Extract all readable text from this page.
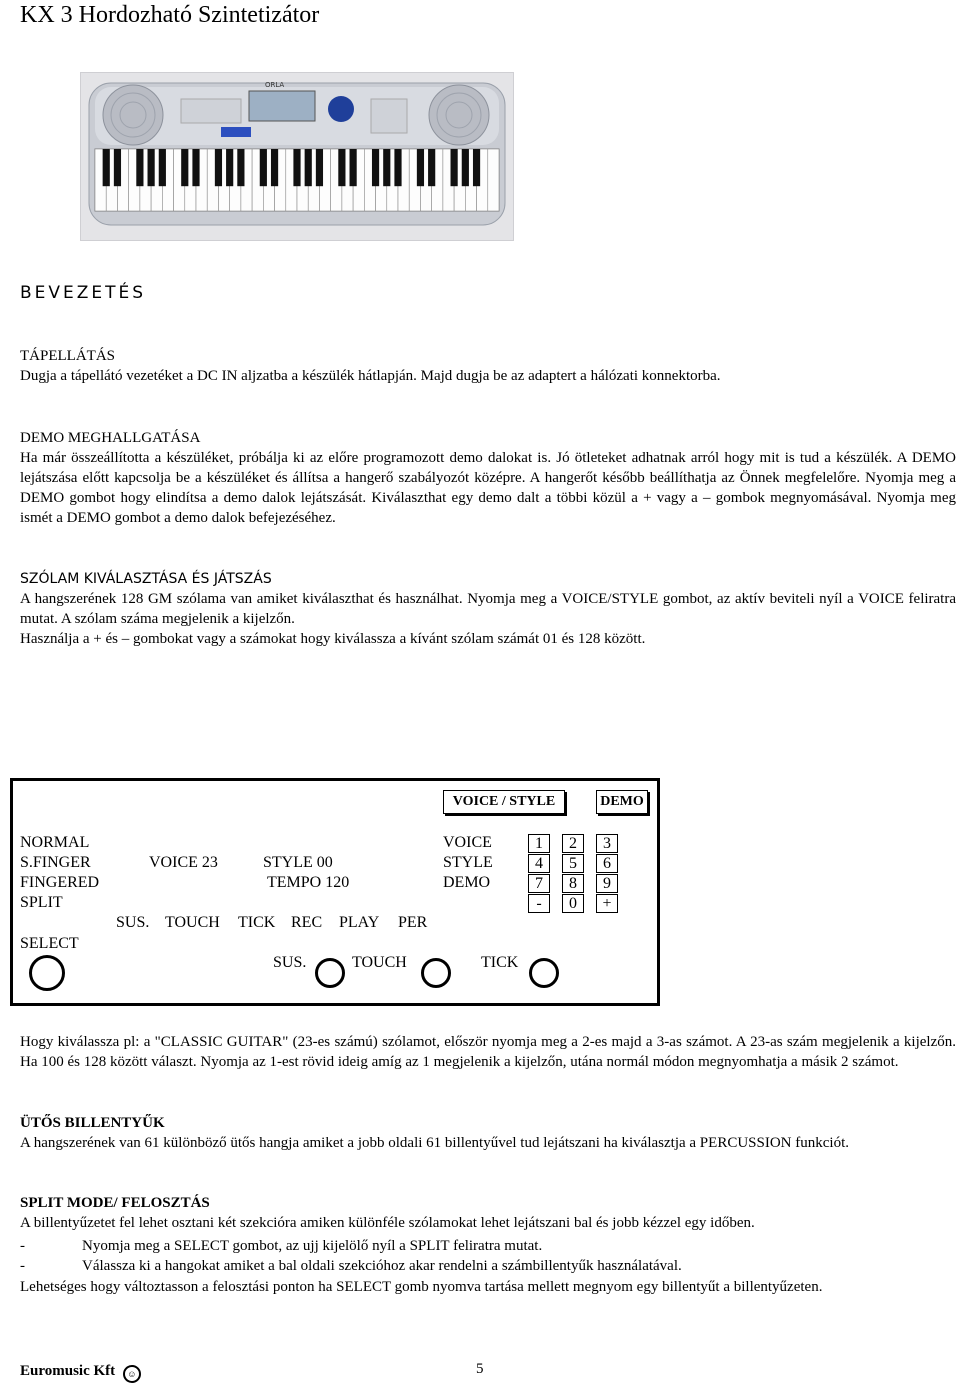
KX 3 Hordozható Szintetizátor
ORLA
BEVEZETÉS
TÁPELLÁTÁS

Dugja a tápellátó vezetéket a DC IN aljzatba a készülék hátlapján. Majd dugja be az adaptert a hálózati konnektorba.

DEMO MEGHALLGATÁSA

Ha már összeállította a készüléket, próbálja ki az előre programozott demo dalokat is. Jó ötleteket adhatnak arról hogy mit is tud a készülék. A DEMO lejátszása előtt kapcsolja be a készüléket és állítsa a hangerő szabályozót középre. A hangerőt később beállíthatja az Önnek megfelelőre. Nyomja meg a DEMO gombot hogy elindítsa a demo dalok lejátszását. Kiválaszthat egy demo dalt a többi közül a + vagy a – gombok megnyomásával. Nyomja meg ismét a DEMO gombot a demo dalok befejezéséhez.

SZÓLAM KIVÁLASZTÁSA ÉS JÁTSZÁS

A hangszerének 128 GM szólama van amiket kiválaszthat és használhat. Nyomja meg a VOICE/STYLE gombot, az aktív beviteli nyíl a VOICE feliratra mutat. A szólam száma megjelenik a kijelzőn.

Használja a + és – gombokat vagy a számokat hogy kiválassza a kívánt szólam számát 01 és 128 között.

VOICE / STYLE	DEMO
NORMAL
S.FINGER
FINGERED
SPLIT
SELECT
VOICE 23	STYLE 00
TEMPO 120
SUS. TOUCH TICK REC PLAY PER
SUS.	TOUCH	TICK
VOICE
STYLE
DEMO
1	2	3
4	5	6
7	8	9
-	0	+

Hogy kiválassza pl: a "CLASSIC GUITAR" (23-es számú) szólamot, először nyomja meg a 2-es majd a 3-as számot. A 23-as szám megjelenik a kijelzőn. Ha 100 és 128 között választ. Nyomja az 1-est rövid ideig amíg az 1 megjelenik a kijelzőn, utána normál módon megnyomhatja a másik 2 számot.

ÜTŐS BILLENTYŰK

A hangszerének van 61 különböző ütős hangja amiket a jobb oldali 61 billentyűvel tud lejátszani ha kiválasztja a PERCUSSION funkciót.

SPLIT MODE/ FELOSZTÁS

A billentyűzetet fel lehet osztani két szekcióra amiken különféle szólamokat lehet lejátszani bal és jobb kézzel egy időben.

-	Nyomja meg a SELECT gombot, az ujj kijelölő nyíl a SPLIT feliratra mutat.
-	Válassza ki a hangokat amiket a bal oldali szekcióhoz akar rendelni a számbillentyűk használatával.

Lehetséges hogy változtasson a felosztási ponton ha SELECT gomb nyomva tartása mellett megnyom egy billentyűt a billentyűzeten.

Euromusic Kft ☺	5
